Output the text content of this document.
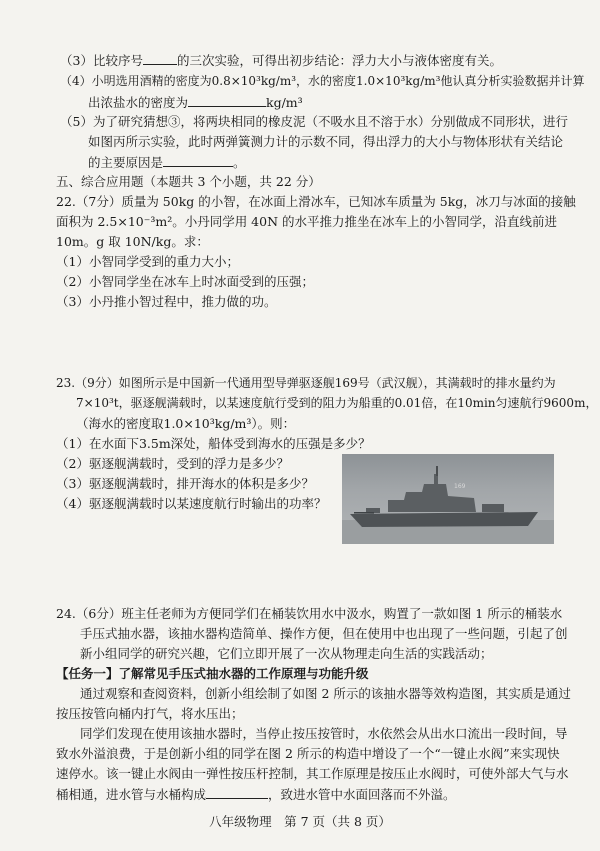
（3）比较序号	的三次实验，可得出初步结论：浮力大小与液体密度有关。
（4）小明选用酒精的密度为0.8×10³kg/m³，水的密度1.0×10³kg/m³他认真分析实验数据并计算
出浓盐水的密度为	kg/m³
（5）为了研究猜想③，将两块相同的橡皮泥（不吸水且不溶于水）分别做成不同形状，进行
如图丙所示实验，此时两弹簧测力计的示数不同，得出浮力的大小与物体形状有关结论
的主要原因是	。
五、综合应用题（本题共 3 个小题，共 22 分）
22.（7分）质量为 50kg 的小智，在冰面上滑冰车，已知冰车质量为 5kg，冰刀与冰面的接触
面积为 2.5×10⁻³m²。小丹同学用 40N 的水平推力推坐在冰车上的小智同学，沿直线前进
10m。g 取 10N/kg。求：
（1）小智同学受到的重力大小；
（2）小智同学坐在冰车上时冰面受到的压强；
（3）小丹推小智过程中，推力做的功。
23.（9分）如图所示是中国新一代通用型导弹驱逐舰169号（武汉舰），其满载时的排水量约为
7×10³t，驱逐舰满载时，以某速度航行受到的阻力为船重的0.01倍，在10min匀速航行9600m，
（海水的密度取1.0×10³kg/m³）。则：
（1）在水面下3.5m深处，船体受到海水的压强是多少？
（2）驱逐舰满载时，受到的浮力是多少？
（3）驱逐舰满载时，排开海水的体积是多少？
（4）驱逐舰满载时以某速度航行时输出的功率？
169
24.（6分）班主任老师为方便同学们在桶装饮用水中汲水，购置了一款如图 1 所示的桶装水
手压式抽水器，该抽水器构造简单、操作方便，但在使用中也出现了一些问题，引起了创
新小组同学的研究兴趣，它们立即开展了一次从物理走向生活的实践活动；
【任务一】了解常见手压式抽水器的工作原理与功能升级
通过观察和查阅资料，创新小组绘制了如图 2 所示的该抽水器等效构造图，其实质是通过
按压按管向桶内打气，将水压出；
同学们发现在使用该抽水器时，当停止按压按管时，水依然会从出水口流出一段时间，导
致水外溢浪费，于是创新小组的同学在图 2 所示的构造中增设了一个“一键止水阀”来实现快
速停水。该一键止水阀由一弹性按压杆控制，其工作原理是按压止水阀时，可使外部大气与水
桶相通，进水管与水桶构成	，致进水管中水面回落而不外溢。
八年级物理　第 7 页（共 8 页）
